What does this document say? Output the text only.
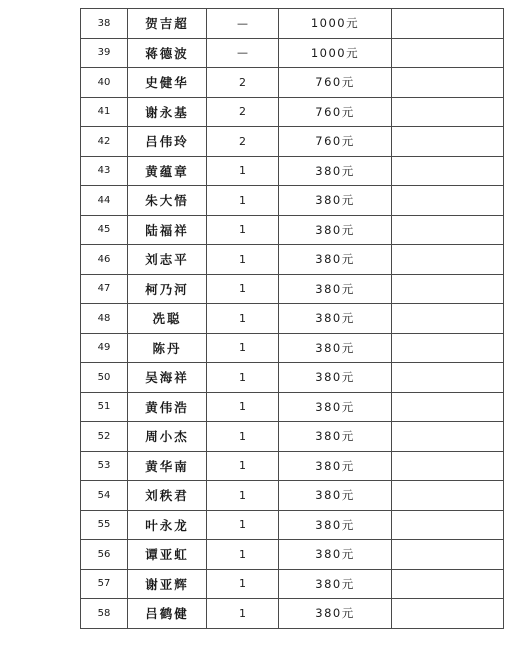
38	贺吉超	—	1000元	
39	蒋德波	—	1000元	
40	史健华	2	760元	
41	谢永基	2	760元	
42	吕伟玲	2	760元	
43	黄蕴章	1	380元	
44	朱大悟	1	380元	
45	陆福祥	1	380元	
46	刘志平	1	380元	
47	柯乃河	1	380元	
48	冼聪	1	380元	
49	陈丹	1	380元	
50	吴海祥	1	380元	
51	黄伟浩	1	380元	
52	周小杰	1	380元	
53	黄华南	1	380元	
54	刘秩君	1	380元	
55	叶永龙	1	380元	
56	谭亚虹	1	380元	
57	谢亚辉	1	380元	
58	吕鹤健	1	380元	
